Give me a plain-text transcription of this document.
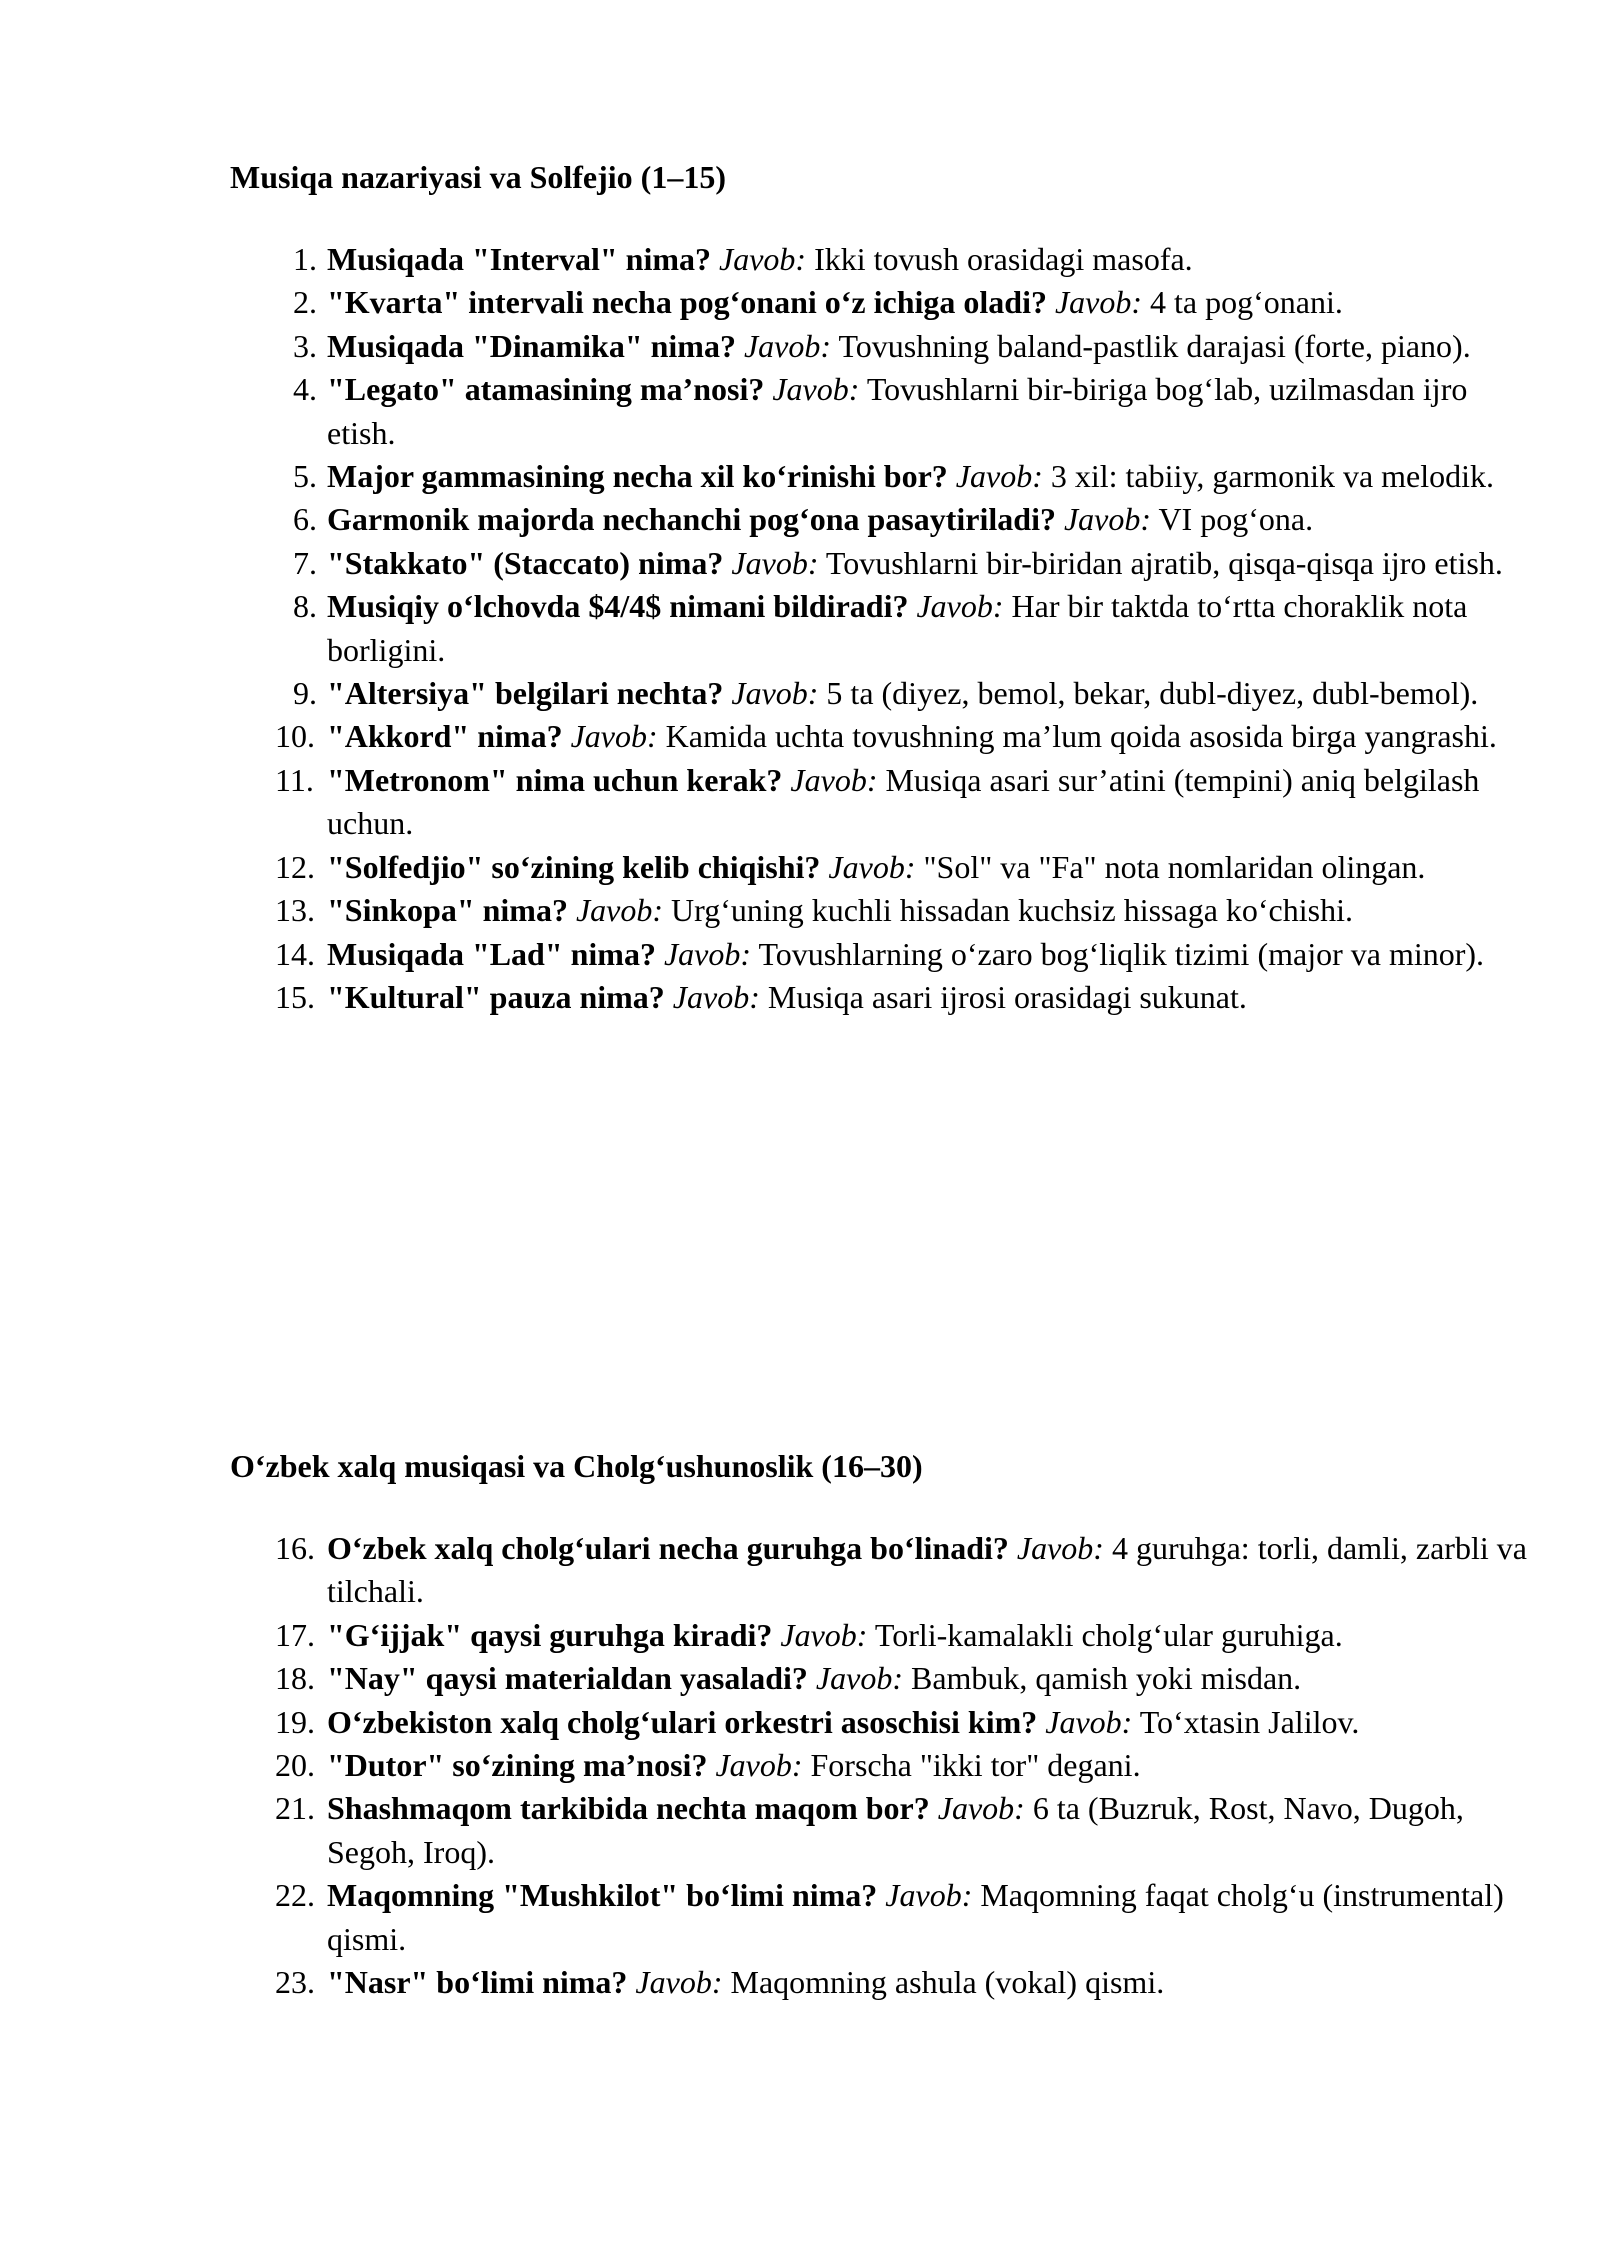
Musiqa nazariyasi va Solfejio (1–15)
1. Musiqada "Interval" nima? Javob: Ikki tovush orasidagi masofa.
2. "Kvarta" intervali necha pog‘onani o‘z ichiga oladi? Javob: 4 ta pog‘onani.
3. Musiqada "Dinamika" nima? Javob: Tovushning baland-pastlik darajasi (forte, piano).
4. "Legato" atamasining ma’nosi? Javob: Tovushlarni bir-biriga bog‘lab, uzilmasdan ijro etish.
5. Major gammasining necha xil ko‘rinishi bor? Javob: 3 xil: tabiiy, garmonik va melodik.
6. Garmonik majorda nechanchi pog‘ona pasaytiriladi? Javob: VI pog‘ona.
7. "Stakkato" (Staccato) nima? Javob: Tovushlarni bir-biridan ajratib, qisqa-qisqa ijro etish.
8. Musiqiy o‘lchovda $4/4$ nimani bildiradi? Javob: Har bir taktda to‘rtta choraklik nota borligini.
9. "Altersiya" belgilari nechta? Javob: 5 ta (diyez, bemol, bekar, dubl-diyez, dubl-bemol).
10. "Akkord" nima? Javob: Kamida uchta tovushning ma’lum qoida asosida birga yangrashi.
11. "Metronom" nima uchun kerak? Javob: Musiqa asari sur’atini (tempini) aniq belgilash uchun.
12. "Solfedjio" so‘zining kelib chiqishi? Javob: "Sol" va "Fa" nota nomlaridan olingan.
13. "Sinkopa" nima? Javob: Urg‘uning kuchli hissadan kuchsiz hissaga ko‘chishi.
14. Musiqada "Lad" nima? Javob: Tovushlarning o‘zaro bog‘liqlik tizimi (major va minor).
15. "Kultural" pauza nima? Javob: Musiqa asari ijrosi orasidagi sukunat.
O‘zbek xalq musiqasi va Cholg‘ushunoslik (16–30)
16. O‘zbek xalq cholg‘ulari necha guruhga bo‘linadi? Javob: 4 guruhga: torli, damli, zarbli va tilchali.
17. "G‘ijjak" qaysi guruhga kiradi? Javob: Torli-kamalakli cholg‘ular guruhiga.
18. "Nay" qaysi materialdan yasaladi? Javob: Bambuk, qamish yoki misdan.
19. O‘zbekiston xalq cholg‘ulari orkestri asoschisi kim? Javob: To‘xtasin Jalilov.
20. "Dutor" so‘zining ma’nosi? Javob: Forscha "ikki tor" degani.
21. Shashmaqom tarkibida nechta maqom bor? Javob: 6 ta (Buzruk, Rost, Navo, Dugoh, Segoh, Iroq).
22. Maqomning "Mushkilot" bo‘limi nima? Javob: Maqomning faqat cholg‘u (instrumental) qismi.
23. "Nasr" bo‘limi nima? Javob: Maqomning ashula (vokal) qismi.
